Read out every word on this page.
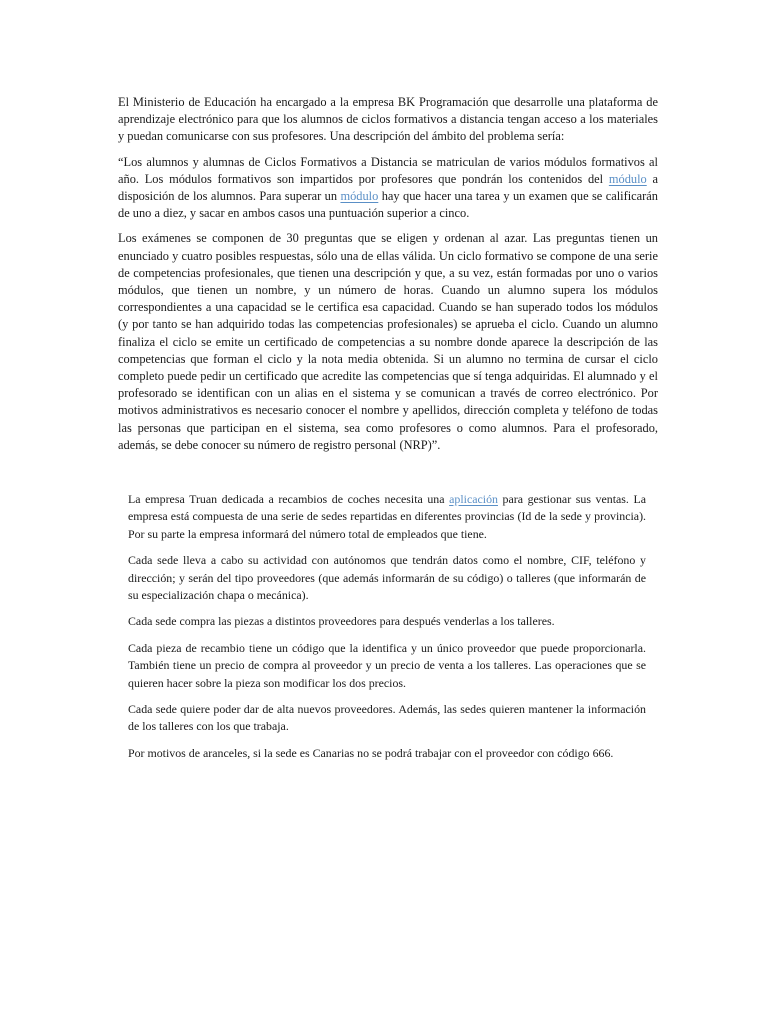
El Ministerio de Educación ha encargado a la empresa BK Programación que desarrolle una plataforma de aprendizaje electrónico para que los alumnos de ciclos formativos a distancia tengan acceso a los materiales y puedan comunicarse con sus profesores. Una descripción del ámbito del problema sería:

“Los alumnos y alumnas de Ciclos Formativos a Distancia se matriculan de varios módulos formativos al año. Los módulos formativos son impartidos por profesores que pondrán los contenidos del módulo a disposición de los alumnos. Para superar un módulo hay que hacer una tarea y un examen que se calificarán de uno a diez, y sacar en ambos casos una puntuación superior a cinco.

Los exámenes se componen de 30 preguntas que se eligen y ordenan al azar. Las preguntas tienen un enunciado y cuatro posibles respuestas, sólo una de ellas válida. Un ciclo formativo se compone de una serie de competencias profesionales, que tienen una descripción y que, a su vez, están formadas por uno o varios módulos, que tienen un nombre, y un número de horas. Cuando un alumno supera los módulos correspondientes a una capacidad se le certifica esa capacidad. Cuando se han superado todos los módulos (y por tanto se han adquirido todas las competencias profesionales) se aprueba el ciclo. Cuando un alumno finaliza el ciclo se emite un certificado de competencias a su nombre donde aparece la descripción de las competencias que forman el ciclo y la nota media obtenida. Si un alumno no termina de cursar el ciclo completo puede pedir un certificado que acredite las competencias que sí tenga adquiridas. El alumnado y el profesorado se identifican con un alias en el sistema y se comunican a través de correo electrónico. Por motivos administrativos es necesario conocer el nombre y apellidos, dirección completa y teléfono de todas las personas que participan en el sistema, sea como profesores o como alumnos. Para el profesorado, además, se debe conocer su número de registro personal (NRP)”.

La empresa Truan dedicada a recambios de coches necesita una aplicación para gestionar sus ventas. La empresa está compuesta de una serie de sedes repartidas en diferentes provincias (Id de la sede y provincia). Por su parte la empresa informará del número total de empleados que tiene.

Cada sede lleva a cabo su actividad con autónomos que tendrán datos como el nombre, CIF, teléfono y dirección; y serán del tipo proveedores (que además informarán de su código) o talleres (que informarán de su especialización chapa o mecánica).

Cada sede compra las piezas a distintos proveedores para después venderlas a los talleres.

Cada pieza de recambio tiene un código que la identifica y un único proveedor que puede proporcionarla. También tiene un precio de compra al proveedor y un precio de venta a los talleres. Las operaciones que se quieren hacer sobre la pieza son modificar los dos precios.

Cada sede quiere poder dar de alta nuevos proveedores. Además, las sedes quieren mantener la información de los talleres con los que trabaja.

Por motivos de aranceles, si la sede es Canarias no se podrá trabajar con el proveedor con código 666.
